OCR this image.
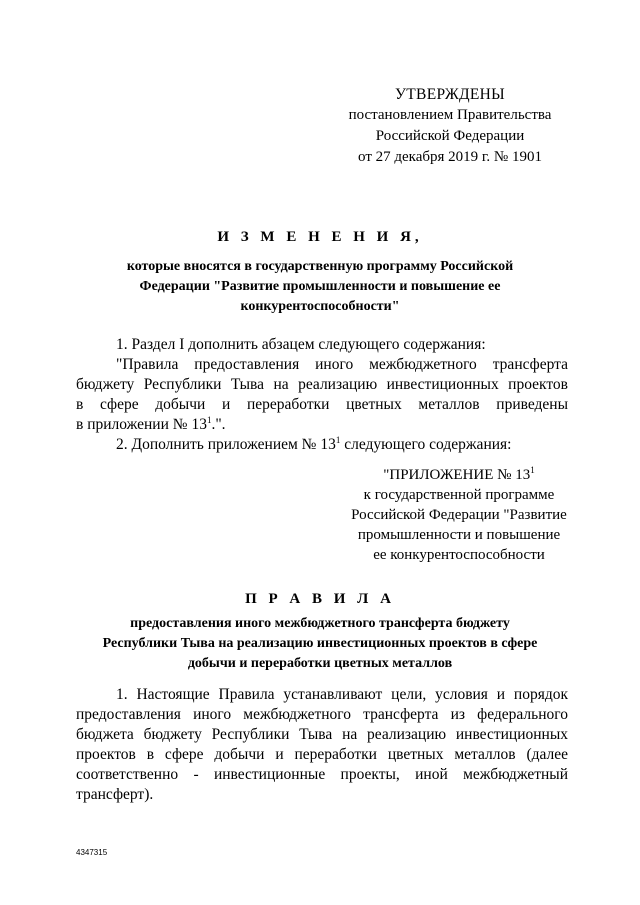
УТВЕРЖДЕНЫ
постановлением Правительства
Российской Федерации
от 27 декабря 2019 г. № 1901
И З М Е Н Е Н И Я,
которые вносятся в государственную программу Российской
Федерации "Развитие промышленности и повышение ее
конкурентоспособности"
1. Раздел I дополнить абзацем следующего содержания:
"Правила предоставления иного межбюджетного трансферта
бюджету Республики Тыва на реализацию инвестиционных проектов
в сфере добычи и переработки цветных металлов приведены
в приложении № $13^1$.".
2. Дополнить приложением № $13^1$ следующего содержания:
"ПРИЛОЖЕНИЕ № $13^1$
к государственной программе
Российской Федерации "Развитие
промышленности и повышение
ее конкурентоспособности
П Р А В И Л А
предоставления иного межбюджетного трансферта бюджету
Республики Тыва на реализацию инвестиционных проектов в сфере
добычи и переработки цветных металлов
1. Настоящие Правила устанавливают цели, условия и порядок
предоставления иного межбюджетного трансферта из федерального
бюджета бюджету Республики Тыва на реализацию инвестиционных
проектов в сфере добычи и переработки цветных металлов (далее
соответственно - инвестиционные проекты, иной межбюджетный
трансферт).
4347315
